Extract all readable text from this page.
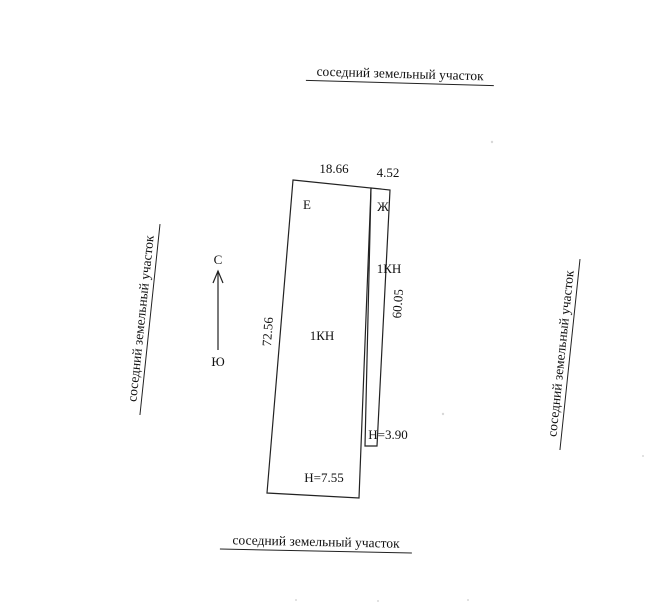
соседний земельный участок
соседний земельный участок
соседний земельный участок	соседний земельный участок
С
Ю
18.66
Е
1КН
72.56
Н=7.55
4.52
Ж
1КН
60.05
Н=3.90
